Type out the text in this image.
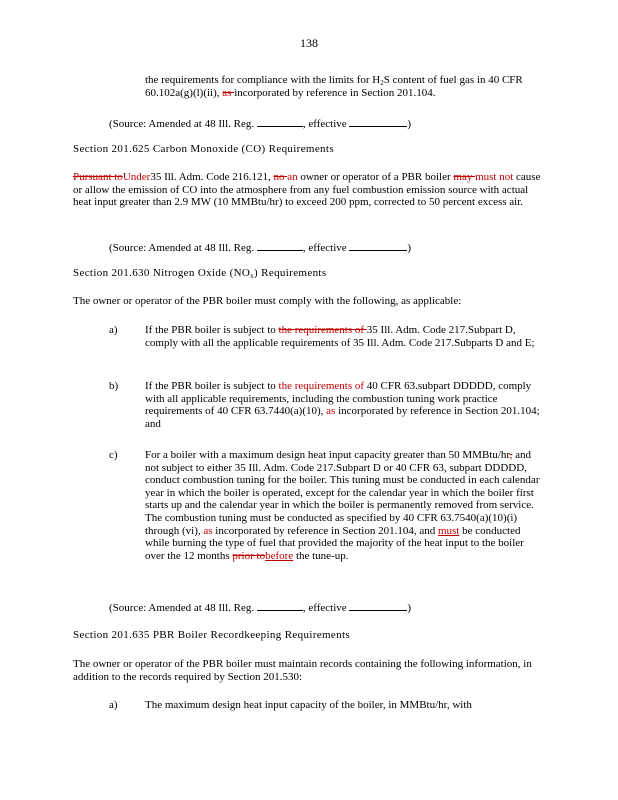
138
the requirements for compliance with the limits for $H_2S$ content of fuel gas in 40 CFR 60.102a(g)(l)(ii), as incorporated by reference in Section 201.104.
(Source: Amended at 48 Ill. Reg.	, effective	)
Section 201.625 Carbon Monoxide (CO) Requirements
Pursuant toUnder35 Ill. Adm. Code 216.121, no an owner or operator of a PBR boiler may must not cause or allow the emission of CO into the atmosphere from any fuel combustion emission source with actual heat input greater than 2.9 MW (10 MMBtu/hr) to exceed 200 ppm, corrected to 50 percent excess air.
(Source: Amended at 48 Ill. Reg.	, effective	)
Section 201.630 Nitrogen Oxide $(NO_x)$ Requirements
The owner or operator of the PBR boiler must comply with the following, as applicable:
a) If the PBR boiler is subject to the requirements of 35 Ill. Adm. Code 217.Subpart D, comply with all the applicable requirements of 35 Ill. Adm. Code 217.Subparts D and E;
b) If the PBR boiler is subject to the requirements of 40 CFR 63.subpart DDDDD, comply with all applicable requirements, including the combustion tuning work practice requirements of 40 CFR 63.7440(a)(10), as incorporated by reference in Section 201.104; and
c) For a boiler with a maximum design heat input capacity greater than 50 MMBtu/hr, and not subject to either 35 Ill. Adm. Code 217.Subpart D or 40 CFR 63, subpart DDDDD, conduct combustion tuning for the boiler. This tuning must be conducted in each calendar year in which the boiler is operated, except for the calendar year in which the boiler first starts up and the calendar year in which the boiler is permanently removed from service. The combustion tuning must be conducted as specified by 40 CFR 63.7540(a)(10)(i) through (vi), as incorporated by reference in Section 201.104, and must be conducted while burning the type of fuel that provided the majority of the heat input to the boiler over the 12 months prior tobefore the tune-up.
(Source: Amended at 48 Ill. Reg.	, effective	)
Section 201.635 PBR Boiler Recordkeeping Requirements
The owner or operator of the PBR boiler must maintain records containing the following information, in addition to the records required by Section 201.530:
a) The maximum design heat input capacity of the boiler, in MMBtu/hr, with
